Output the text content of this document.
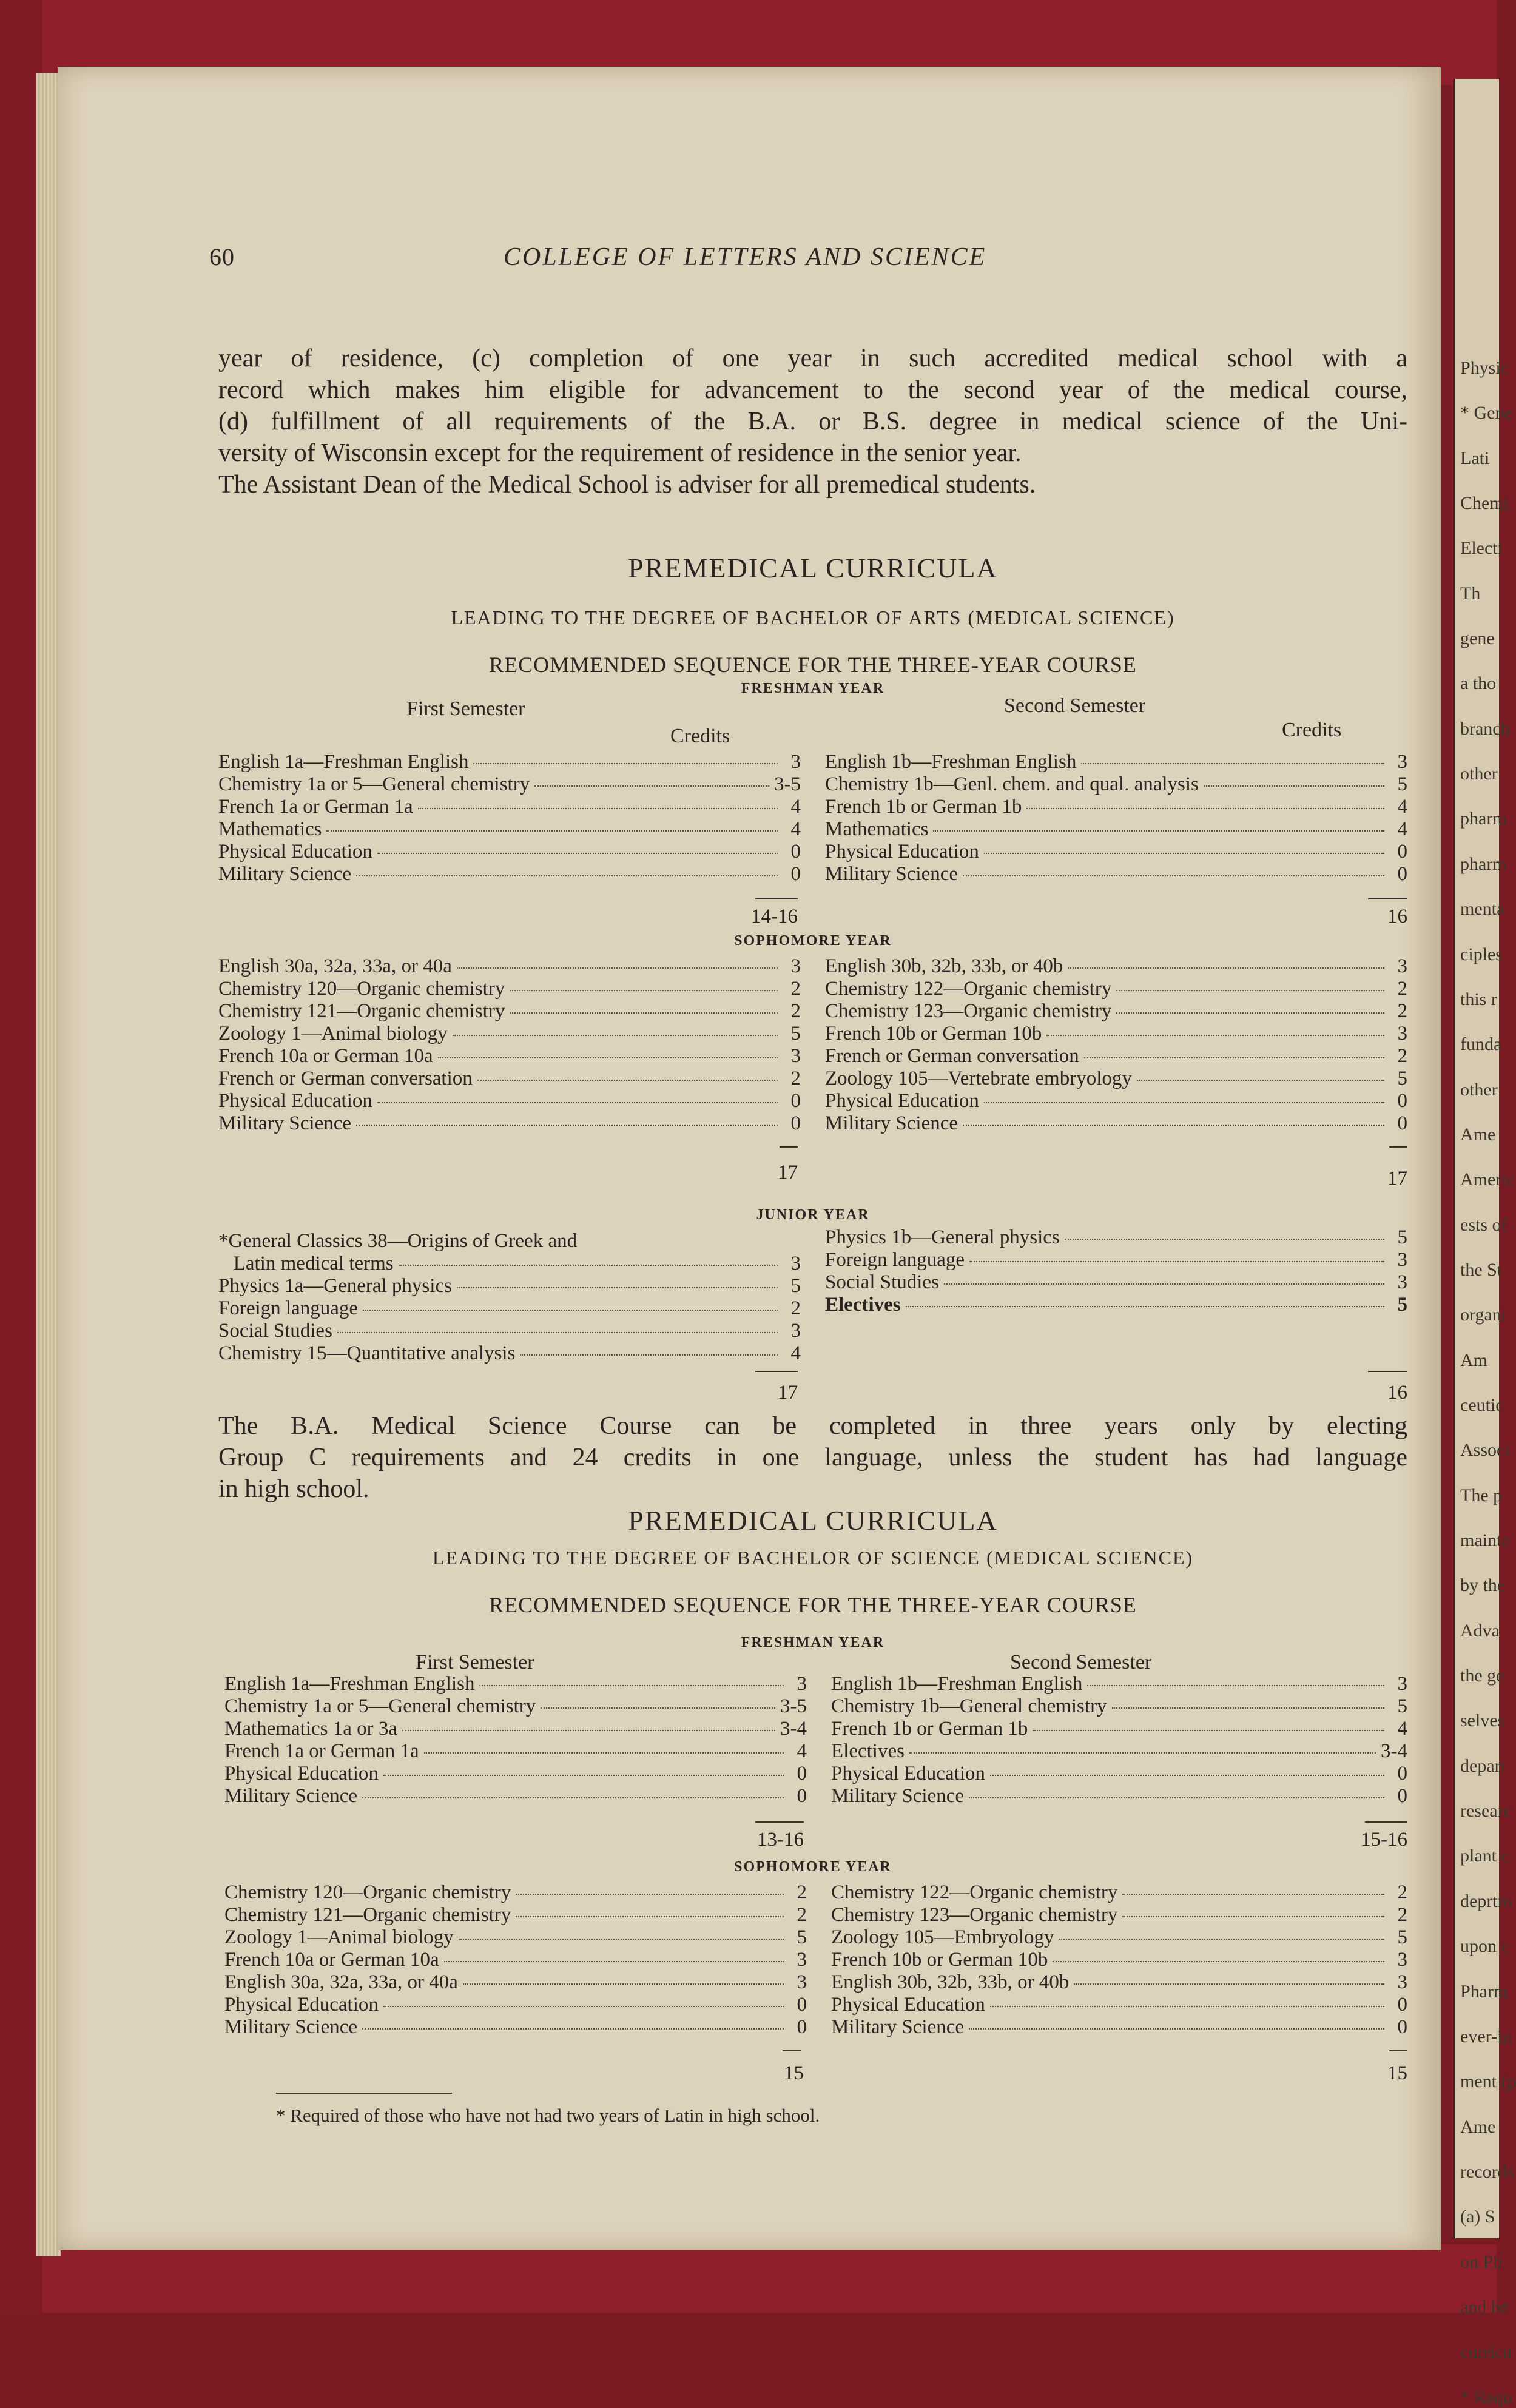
Physic
* Gene
Lati
Chemi
Electi
Th
gene
a tho
branch
other
pharm
pharm
menta
ciples
this r
funda
other
Ame
Americ
ests of
the St
organi
Am
ceutic
Associ
The p
mainta
by the
Adva
the ge
selves
depart
researc
plant c
deprtm
upon c
Pharm
ever-in
ment (p
Ame
records
(a) S
on Ph
and he
curricu
* Requ
60	COLLEGE OF LETTERS AND SCIENCE
year of residence, (c) completion of one year in such accredited medical school with a
record which makes him eligible for advancement to the second year of the medical course,
(d) fulfillment of all requirements of the B.A. or B.S. degree in medical science of the Uni-
versity of Wisconsin except for the requirement of residence in the senior year.
The Assistant Dean of the Medical School is adviser for all premedical students.
PREMEDICAL CURRICULA
LEADING TO THE DEGREE OF BACHELOR OF ARTS (MEDICAL SCIENCE)
RECOMMENDED SEQUENCE FOR THE THREE-YEAR COURSE
FRESHMAN YEAR
First Semester	Second Semester
Credits	Credits
English 1a—Freshman English	3
Chemistry 1a or 5—General chemistry	3-5
French 1a or German 1a	4
Mathematics	4
Physical Education	0
Military Science	0
English 1b—Freshman English	3
Chemistry 1b—Genl. chem. and qual. analysis	5
French 1b or German 1b	4
Mathematics	4
Physical Education	0
Military Science	0
14-16	16
SOPHOMORE YEAR
English 30a, 32a, 33a, or 40a	3
Chemistry 120—Organic chemistry	2
Chemistry 121—Organic chemistry	2
Zoology 1—Animal biology	5
French 10a or German 10a	3
French or German conversation	2
Physical Education	0
Military Science	0
English 30b, 32b, 33b, or 40b	3
Chemistry 122—Organic chemistry	2
Chemistry 123—Organic chemistry	2
French 10b or German 10b	3
French or German conversation	2
Zoology 105—Vertebrate embryology	5
Physical Education	0
Military Science	0
17	17
JUNIOR YEAR
*General Classics 38—Origins of Greek and
Latin medical terms	3
Physics 1a—General physics	5
Foreign language	2
Social Studies	3
Chemistry 15—Quantitative analysis	4
Physics 1b—General physics	5
Foreign language	3
Social Studies	3
Electives	5
17	16
The B.A. Medical Science Course can be completed in three years only by electing
Group C requirements and 24 credits in one language, unless the student has had language
in high school.
PREMEDICAL CURRICULA
LEADING TO THE DEGREE OF BACHELOR OF SCIENCE (MEDICAL SCIENCE)
RECOMMENDED SEQUENCE FOR THE THREE-YEAR COURSE
FRESHMAN YEAR
First Semester	Second Semester
English 1a—Freshman English	3
Chemistry 1a or 5—General chemistry	3-5
Mathematics 1a or 3a	3-4
French 1a or German 1a	4
Physical Education	0
Military Science	0
English 1b—Freshman English	3
Chemistry 1b—General chemistry	5
French 1b or German 1b	4
Electives	3-4
Physical Education	0
Military Science	0
13-16	15-16
SOPHOMORE YEAR
Chemistry 120—Organic chemistry	2
Chemistry 121—Organic chemistry	2
Zoology 1—Animal biology	5
French 10a or German 10a	3
English 30a, 32a, 33a, or 40a	3
Physical Education	0
Military Science	0
Chemistry 122—Organic chemistry	2
Chemistry 123—Organic chemistry	2
Zoology 105—Embryology	5
French 10b or German 10b	3
English 30b, 32b, 33b, or 40b	3
Physical Education	0
Military Science	0
15	15
* Required of those who have not had two years of Latin in high school.
